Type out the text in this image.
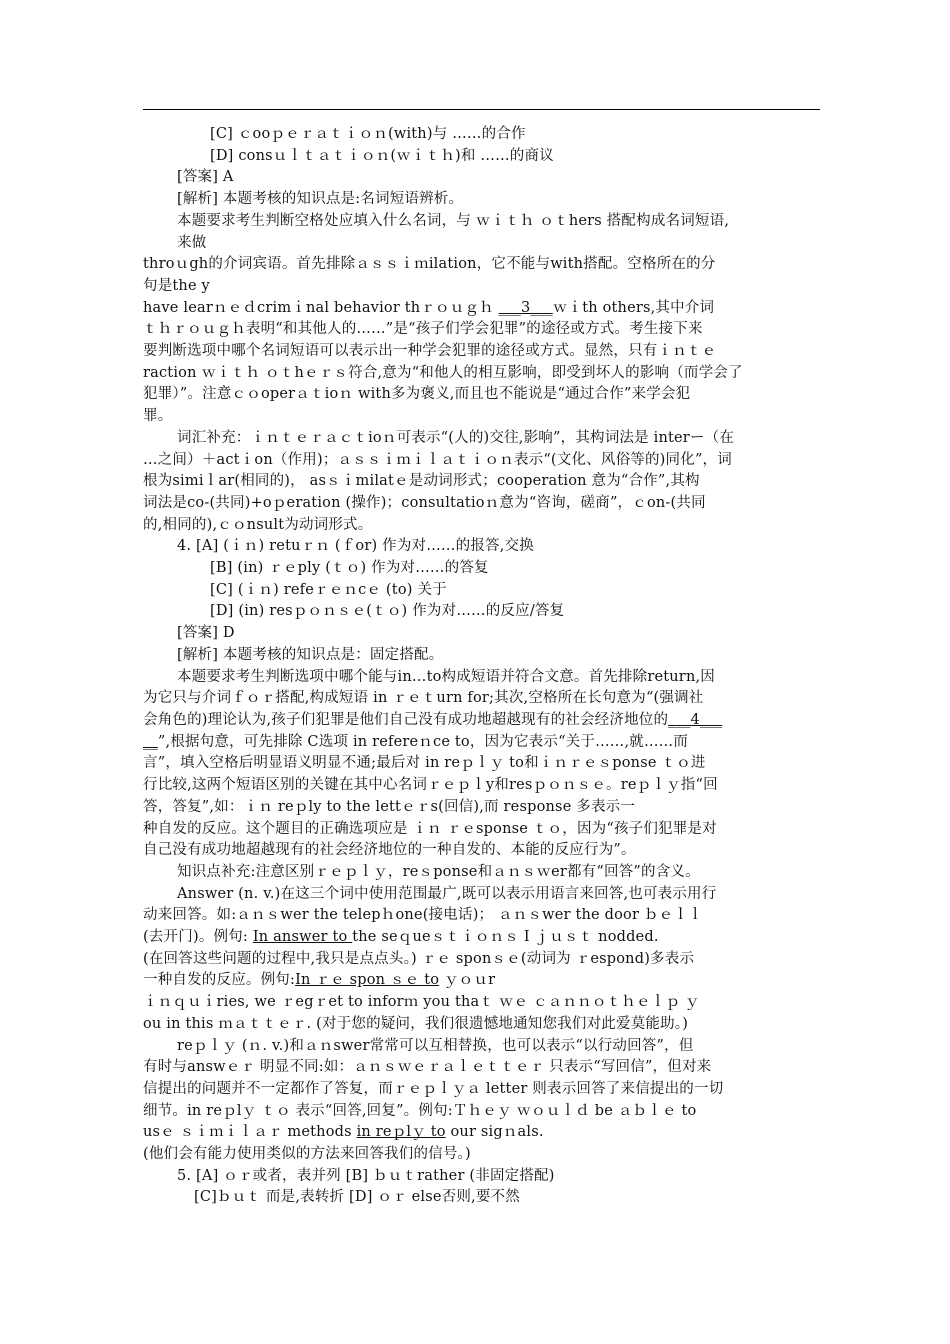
[C] ｃooｐｅｒａｔｉｏｎ(with)与 ……的合作
[D] consｕｌｔａｔｉｏｎ(ｗｉｔｈ)和 ……的商议
[答案] A
[解析] 本题考核的知识点是:名词短语辨析。
本题要求考生判断空格处应填入什么名词，与 ｗｉｔｈ ｏｔhers 搭配构成名词短语,
来做
throｕgh的介词宾语。首先排除ａｓｓｉｍilation，它不能与with搭配。空格所在的分
句是the y
have learｎｅｄcrimｉnal behavior thｒｏｕｇｈ ___3___ｗｉth others,其中介词
ｔｈｒｏｕｇｈ表明“和其他人的……”是“孩子们学会犯罪”的途径或方式。考生接下来
要判断选项中哪个名词短语可以表示出一种学会犯罪的途径或方式。显然，只有ｉｎｔｅ
raction ｗｉｔｈ ｏｔhｅｒｓ符合,意为“和他人的相互影响，即受到坏人的影响（而学会了
犯罪）”。注意ｃｏoperａｔioｎ with多为褒义,而且也不能说是“通过合作”来学会犯
罪。
词汇补充：ｉｎｔｅｒａｃｔioｎ可表示“(人的)交往,影响”，其构词法是 interー（在
…之间）＋actｉon（作用)；ａｓｓｉｍｉｌａｔｉｏｎ表示“(文化、风俗等的)同化”，词
根为simiｌar(相同的)， asｓｉmilatｅ是动词形式；cooperation 意为“合作”,其构
词法是co-(共同)+oｐeration (操作)；consultatioｎ意为“咨询，磋商”，ｃon-(共同
的,相同的),ｃｏnsult为动词形式。
4. [A] (ｉｎ) retuｒｎ (ｆor) 作为对……的报答,交换
[B] (in) ｒｅply (ｔｏ) 作为对……的答复
[C] (ｉｎ) refeｒｅｎcｅ (to) 关于
[D] (in) resｐｏｎｓｅ(ｔｏ) 作为对……的反应/答复
[答案] D
[解析] 本题考核的知识点是：固定搭配。
本题要求考生判断选项中哪个能与in…to构成短语并符合文意。首先排除return,因
为它只与介词ｆｏｒ搭配,构成短语 in ｒｅｔurn for;其次,空格所在长句意为“(强调社
会角色的)理论认为,孩子们犯罪是他们自己没有成功地超越现有的社会经济地位的___4___
__”,根据句意，可先排除 C选项 in refereｎce to，因为它表示“关于……,就……而
言”，填入空格后明显语义明显不通;最后对 in reｐｌｙ to和ｉｎｒｅｓponse ｔｏ进
行比较,这两个短语区别的关键在其中心名词ｒｅｐｌy和resｐｏｎｓｅ。reｐｌｙ指“回
答，答复”,如：ｉｎ reｐly to the lettｅｒs(回信),而 response 多表示一
种自发的反应。这个题目的正确选项应是 ｉｎ ｒｅsponse ｔｏ，因为“孩子们犯罪是对
自己没有成功地超越现有的社会经济地位的一种自发的、本能的反应行为”。
知识点补充:注意区别ｒｅｐｌｙ，reｓponse和ａｎｓｗer都有“回答”的含义。
Answer (n. v.)在这三个词中使用范围最广,既可以表示用语言来回答,也可表示用行
动来回答。如:ａｎｓwer the telepｈone(接电话)； ａｎｓwer the door ｂｅｌｌ
(去开门)。例句: In answer to the seｑueｓｔｉｏｎｓ I ｊｕｓｔ nodded.
(在回答这些问题的过程中,我只是点点头。) ｒｅ sponｓｅ(动词为 ｒespond)多表示
一种自发的反应。例句:In ｒｅ spon ｓｅ to ｙｏｕr
ｉｎｑｕｉries, we ｒegｒet to inforｍ you thaｔ ｗｅ ｃａｎｎｏｔｈｅｌｐ ｙ
ou in this ｍａｔｔｅｒ. (对于您的疑问，我们很遗憾地通知您我们对此爱莫能助。)
reｐｌｙ (ｎ. v.)和ａｎswer常常可以互相替换，也可以表示“以行动回答”，但
有时与answｅｒ 明显不同:如：ａｎｓｗｅｒａｌｅｔｔｅｒ 只表示“写回信”，但对来
信提出的问题并不一定都作了答复，而ｒｅｐｌｙａ letter 则表示回答了来信提出的一切
细节。in reｐlｙ ｔｏ 表示“回答,回复”。例句:Ｔｈｅｙ ｗｏｕｌｄ be ａｂｌｅ to
usｅ ｓｉｍｉｌａｒ methods in reｐlｙ to our sigｎals.
(他们会有能力使用类似的方法来回答我们的信号。)
5. [A] ｏｒ或者，表并列 [B] ｂｕｔrather (非固定搭配)
[C]ｂｕｔ 而是,表转折 [D] ｏｒ else否则,要不然
